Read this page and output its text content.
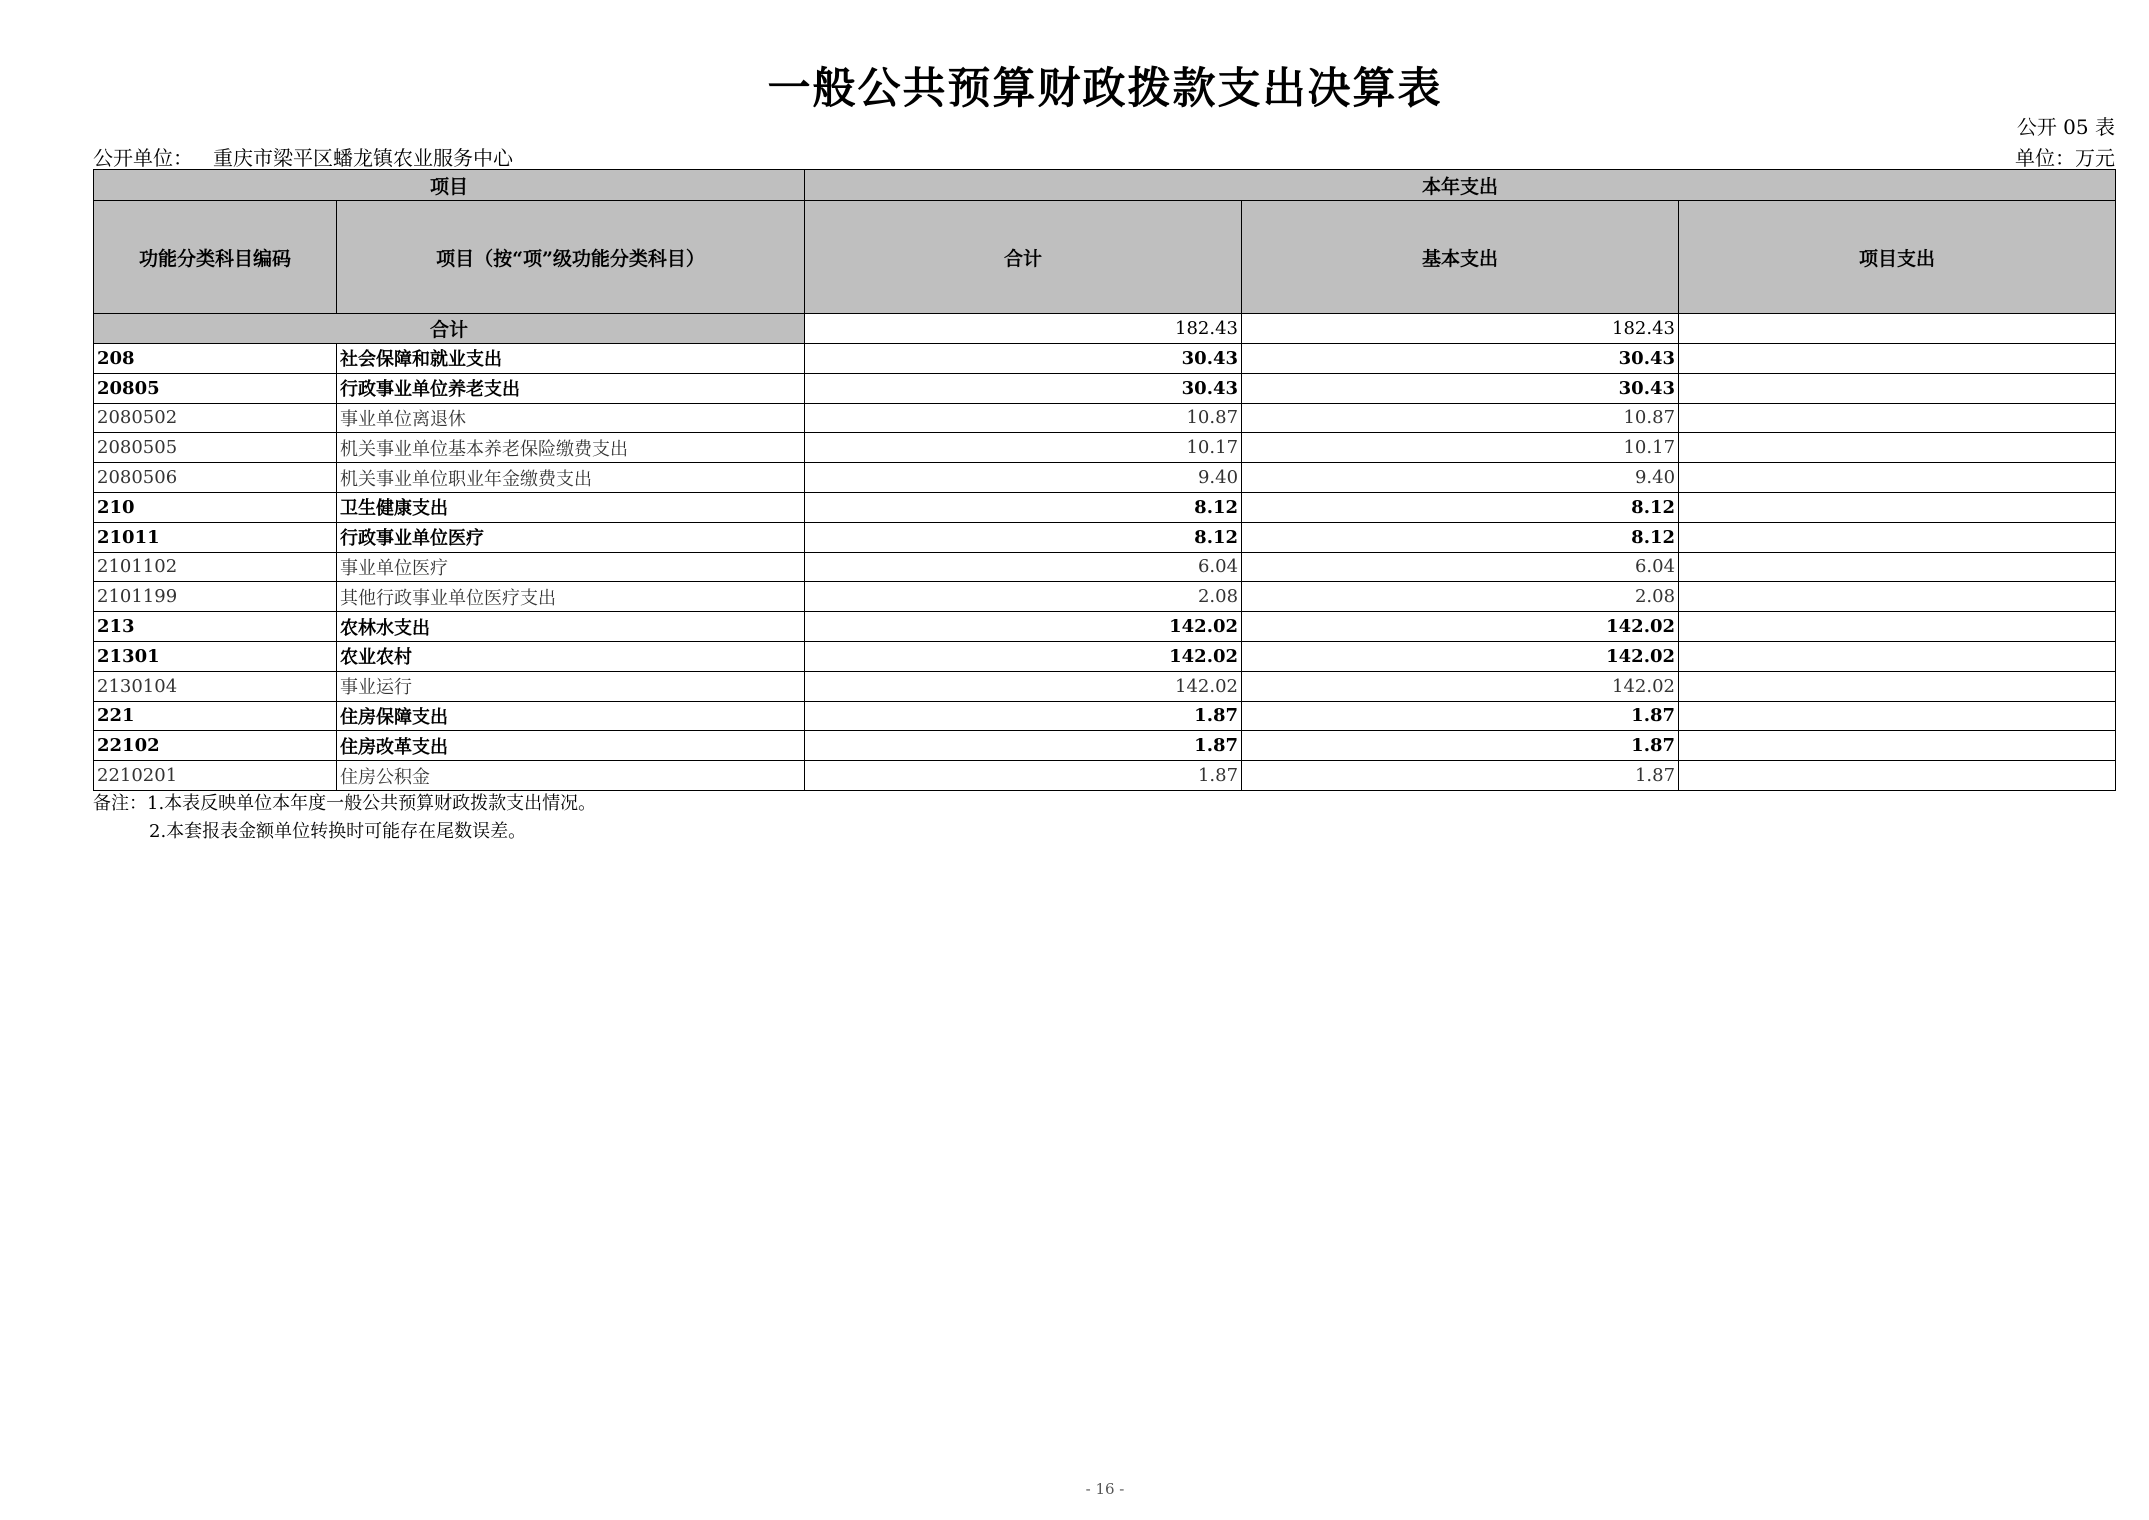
一般公共预算财政拨款支出决算表
公开 05 表
公开单位： 重庆市梁平区蟠龙镇农业服务中心	单位：万元
项目		本年支出		
功能分类科目编码	项目（按“项”级功能分类科目）	合计	基本支出	项目支出
合计		182.43	182.43	
208	社会保障和就业支出	30.43	30.43	
20805	行政事业单位养老支出	30.43	30.43	
2080502	事业单位离退休	10.87	10.87	
2080505	机关事业单位基本养老保险缴费支出	10.17	10.17	
2080506	机关事业单位职业年金缴费支出	9.40	9.40	
210	卫生健康支出	8.12	8.12	
21011	行政事业单位医疗	8.12	8.12	
2101102	事业单位医疗	6.04	6.04	
2101199	其他行政事业单位医疗支出	2.08	2.08	
213	农林水支出	142.02	142.02	
21301	农业农村	142.02	142.02	
2130104	事业运行	142.02	142.02	
221	住房保障支出	1.87	1.87	
22102	住房改革支出	1.87	1.87	
2210201	住房公积金	1.87	1.87	
备注：1.本表反映单位本年度一般公共预算财政拨款支出情况。
2.本套报表金额单位转换时可能存在尾数误差。
- 16 -
